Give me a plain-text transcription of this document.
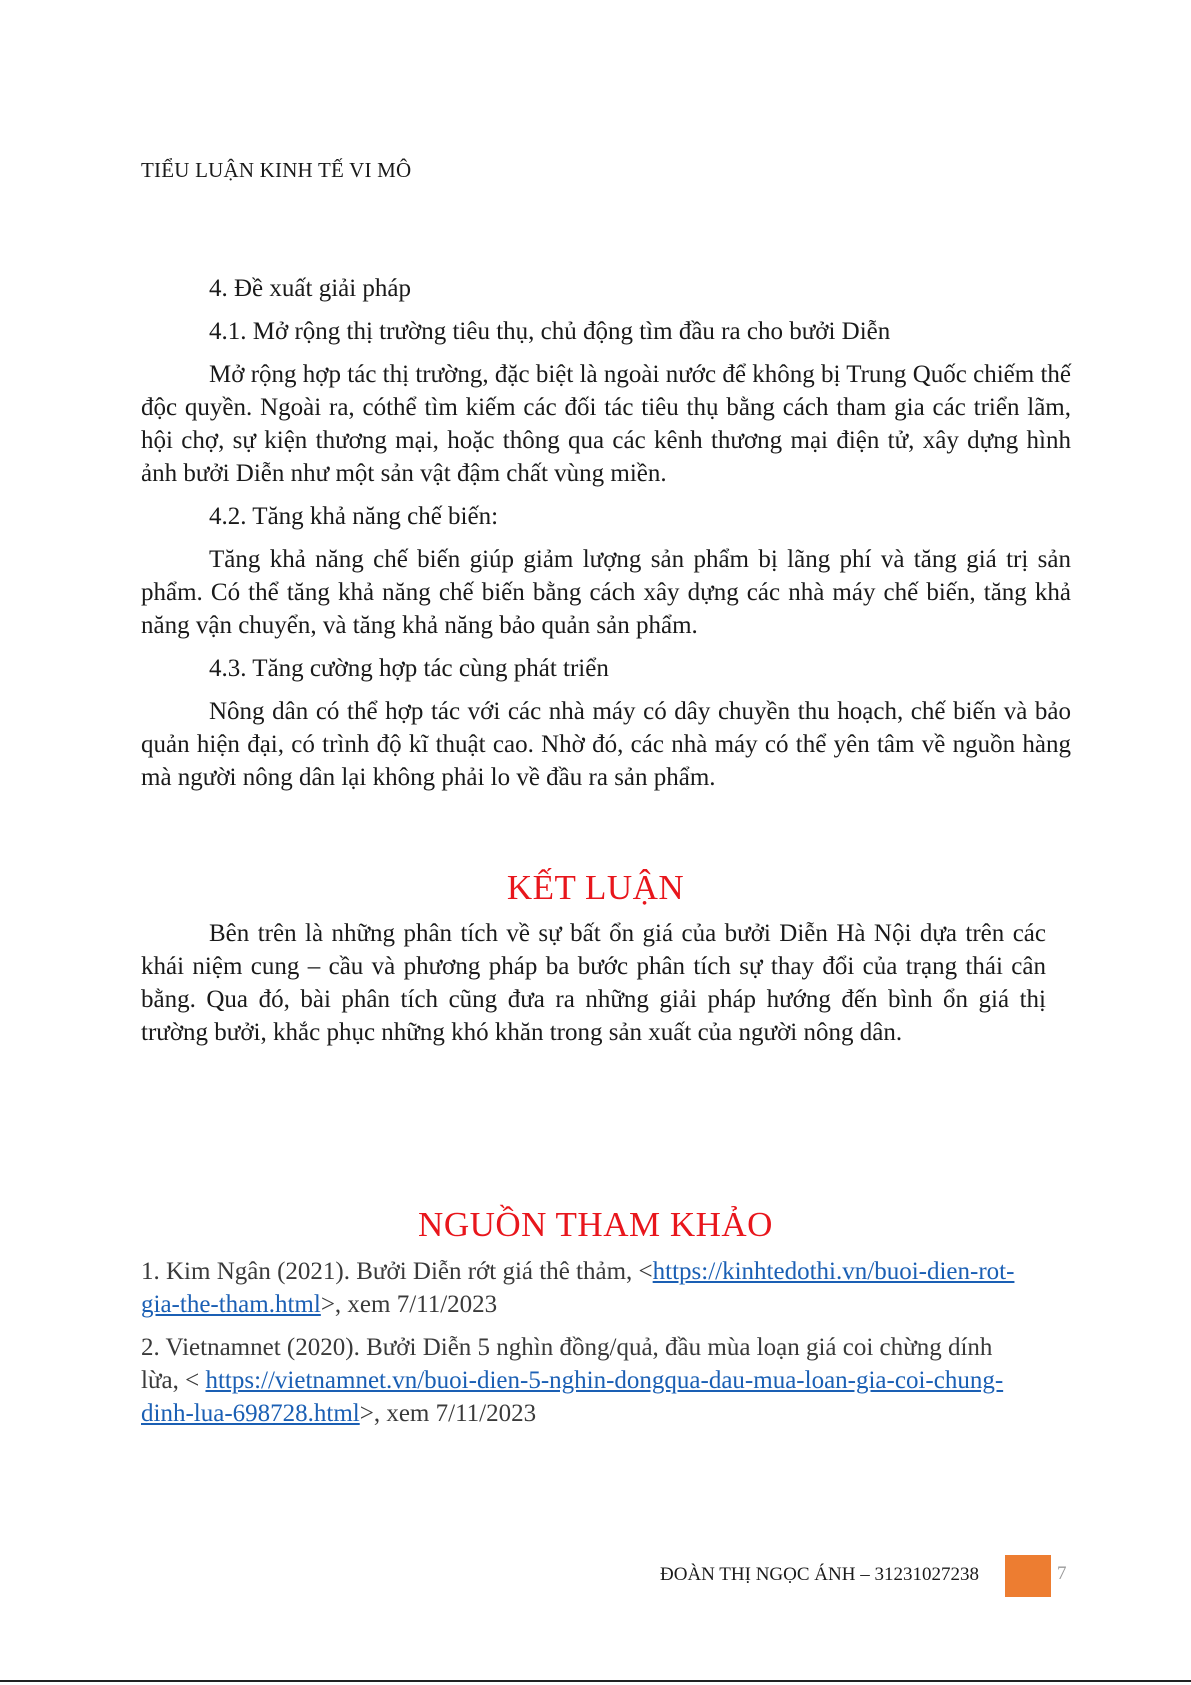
TIỂU LUẬN KINH TẾ VI MÔ

4. Đề xuất giải pháp

4.1. Mở rộng thị trường tiêu thụ, chủ động tìm đầu ra cho bưởi Diễn

Mở rộng hợp tác thị trường, đặc biệt là ngoài nước để không bị Trung Quốc chiếm thế độc quyền. Ngoài ra, cóthể tìm kiếm các đối tác tiêu thụ bằng cách tham gia các triển lãm, hội chợ, sự kiện thương mại, hoặc thông qua các kênh thương mại điện tử, xây dựng hình ảnh bưởi Diễn như một sản vật đậm chất vùng miền.

4.2. Tăng khả năng chế biến:

Tăng khả năng chế biến giúp giảm lượng sản phẩm bị lãng phí và tăng giá trị sản phẩm. Có thể tăng khả năng chế biến bằng cách xây dựng các nhà máy chế biến, tăng khả năng vận chuyển, và tăng khả năng bảo quản sản phẩm.

4.3. Tăng cường hợp tác cùng phát triển

Nông dân có thể hợp tác với các nhà máy có dây chuyền thu hoạch, chế biến và bảo quản hiện đại, có trình độ kĩ thuật cao. Nhờ đó, các nhà máy có thể yên tâm về nguồn hàng mà người nông dân lại không phải lo về đầu ra sản phẩm.

KẾT LUẬN

Bên trên là những phân tích về sự bất ổn giá của bưởi Diễn Hà Nội dựa trên các khái niệm cung – cầu và phương pháp ba bước phân tích sự thay đổi của trạng thái cân bằng. Qua đó, bài phân tích cũng đưa ra những giải pháp hướng đến bình ổn giá thị trường bưởi, khắc phục những khó khăn trong sản xuất của người nông dân.

NGUỒN THAM KHẢO

1. Kim Ngân (2021). Bưởi Diễn rớt giá thê thảm, <https://kinhtedothi.vn/buoi-dien-rot-gia-the-tham.html>, xem 7/11/2023

2. Vietnamnet (2020). Bưởi Diễn 5 nghìn đồng/quả, đầu mùa loạn giá coi chừng dính lừa, < https://vietnamnet.vn/buoi-dien-5-nghin-dongqua-dau-mua-loan-gia-coi-chung-dinh-lua-698728.html>, xem 7/11/2023

ĐOÀN THỊ NGỌC ÁNH – 31231027238	7
